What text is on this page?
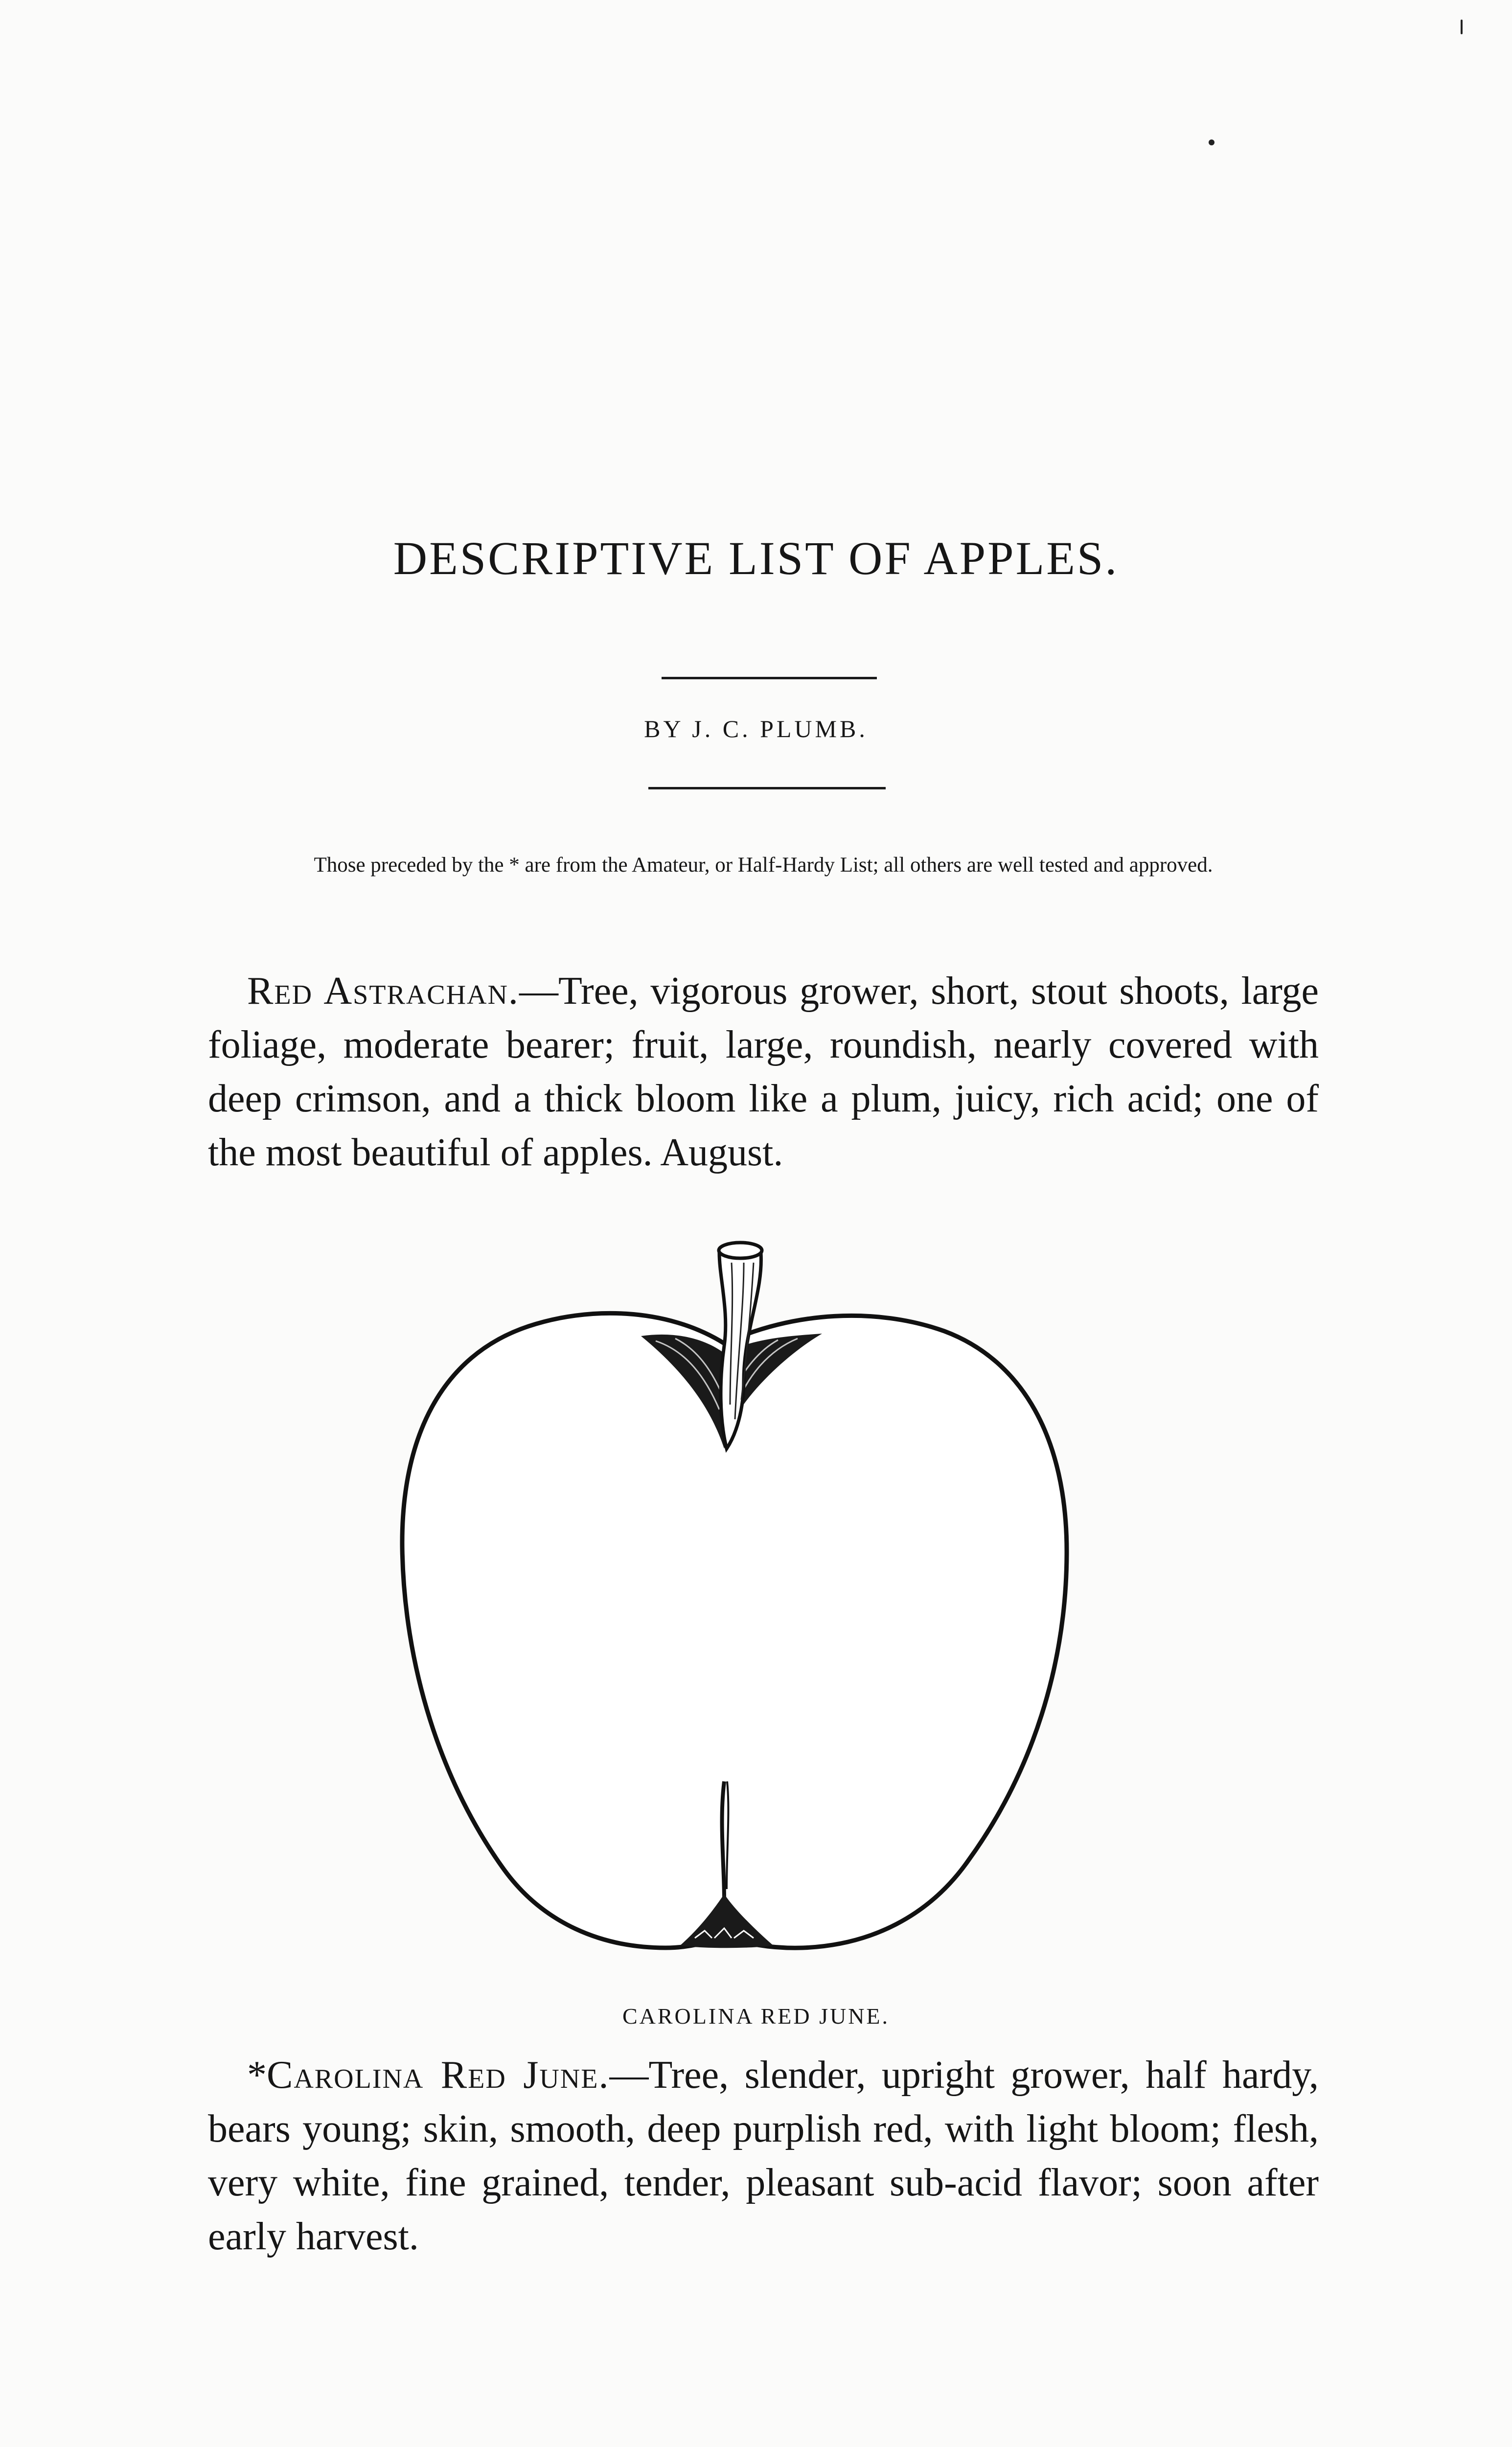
DESCRIPTIVE LIST OF APPLES.
BY J. C. PLUMB.
Those preceded by the * are from the Amateur, or Half-Hardy List; all others are well tested and approved.

Red Astrachan.—Tree, vigorous grower, short, stout shoots, large foliage, moderate bearer; fruit, large, roundish, nearly covered with deep crimson, and a thick bloom like a plum, juicy, rich acid; one of the most beautiful of apples. August.

CAROLINA RED JUNE.

*Carolina Red June.—Tree, slender, upright grower, half hardy, bears young; skin, smooth, deep purplish red, with light bloom; flesh, very white, fine grained, tender, pleasant sub-acid flavor; soon after early harvest.
